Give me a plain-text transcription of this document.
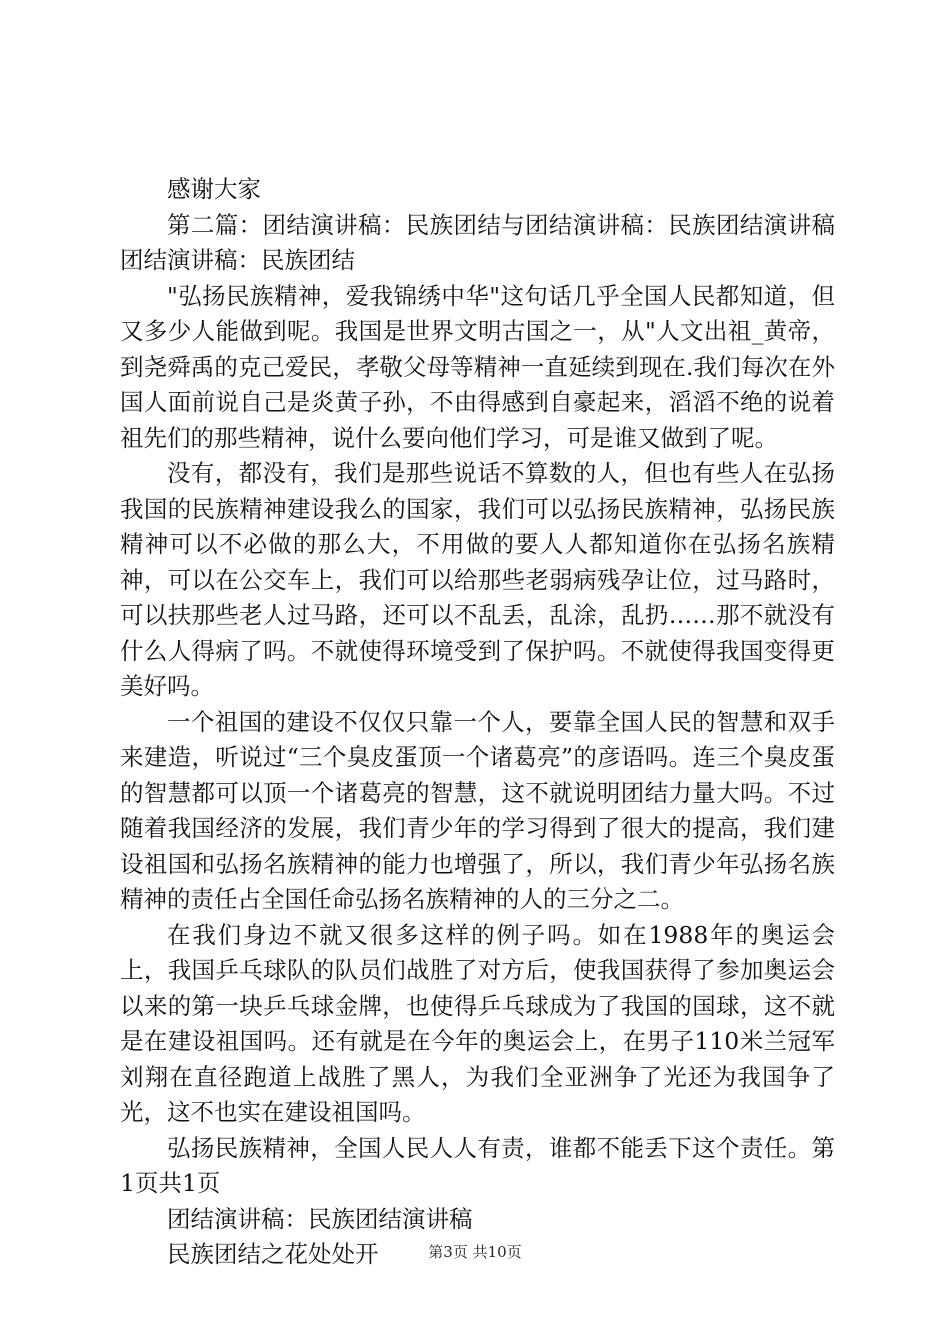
感谢大家

第二篇：团结演讲稿：民族团结与团结演讲稿：民族团结演讲稿团结演讲稿：民族团结

"弘扬民族精神，爱我锦绣中华"这句话几乎全国人民都知道，但又多少人能做到呢。我国是世界文明古国之一，从"人文出祖_黄帝，到尧舜禹的克己爱民，孝敬父母等精神一直延续到现在.我们每次在外国人面前说自己是炎黄子孙，不由得感到自豪起来，滔滔不绝的说着祖先们的那些精神，说什么要向他们学习，可是谁又做到了呢。

没有，都没有，我们是那些说话不算数的人，但也有些人在弘扬我国的民族精神建设我么的国家，我们可以弘扬民族精神，弘扬民族精神可以不必做的那么大，不用做的要人人都知道你在弘扬名族精神，可以在公交车上，我们可以给那些老弱病残孕让位，过马路时，可以扶那些老人过马路，还可以不乱丢，乱涂，乱扔……那不就没有什么人得病了吗。不就使得环境受到了保护吗。不就使得我国变得更美好吗。

一个祖国的建设不仅仅只靠一个人，要靠全国人民的智慧和双手来建造，听说过“三个臭皮蛋顶一个诸葛亮”的彦语吗。连三个臭皮蛋的智慧都可以顶一个诸葛亮的智慧，这不就说明团结力量大吗。不过随着我国经济的发展，我们青少年的学习得到了很大的提高，我们建设祖国和弘扬名族精神的能力也增强了，所以，我们青少年弘扬名族精神的责任占全国任命弘扬名族精神的人的三分之二。

在我们身边不就又很多这样的例子吗。如在1988年的奥运会上，我国乒乓球队的队员们战胜了对方后，使我国获得了参加奥运会以来的第一块乒乓球金牌，也使得乒乓球成为了我国的国球，这不就是在建设祖国吗。还有就是在今年的奥运会上，在男子110米兰冠军刘翔在直径跑道上战胜了黑人，为我们全亚洲争了光还为我国争了光，这不也实在建设祖国吗。

弘扬民族精神，全国人民人人有责，谁都不能丢下这个责任。第1页共1页

团结演讲稿：民族团结演讲稿

民族团结之花处处开	第3页 共10页
